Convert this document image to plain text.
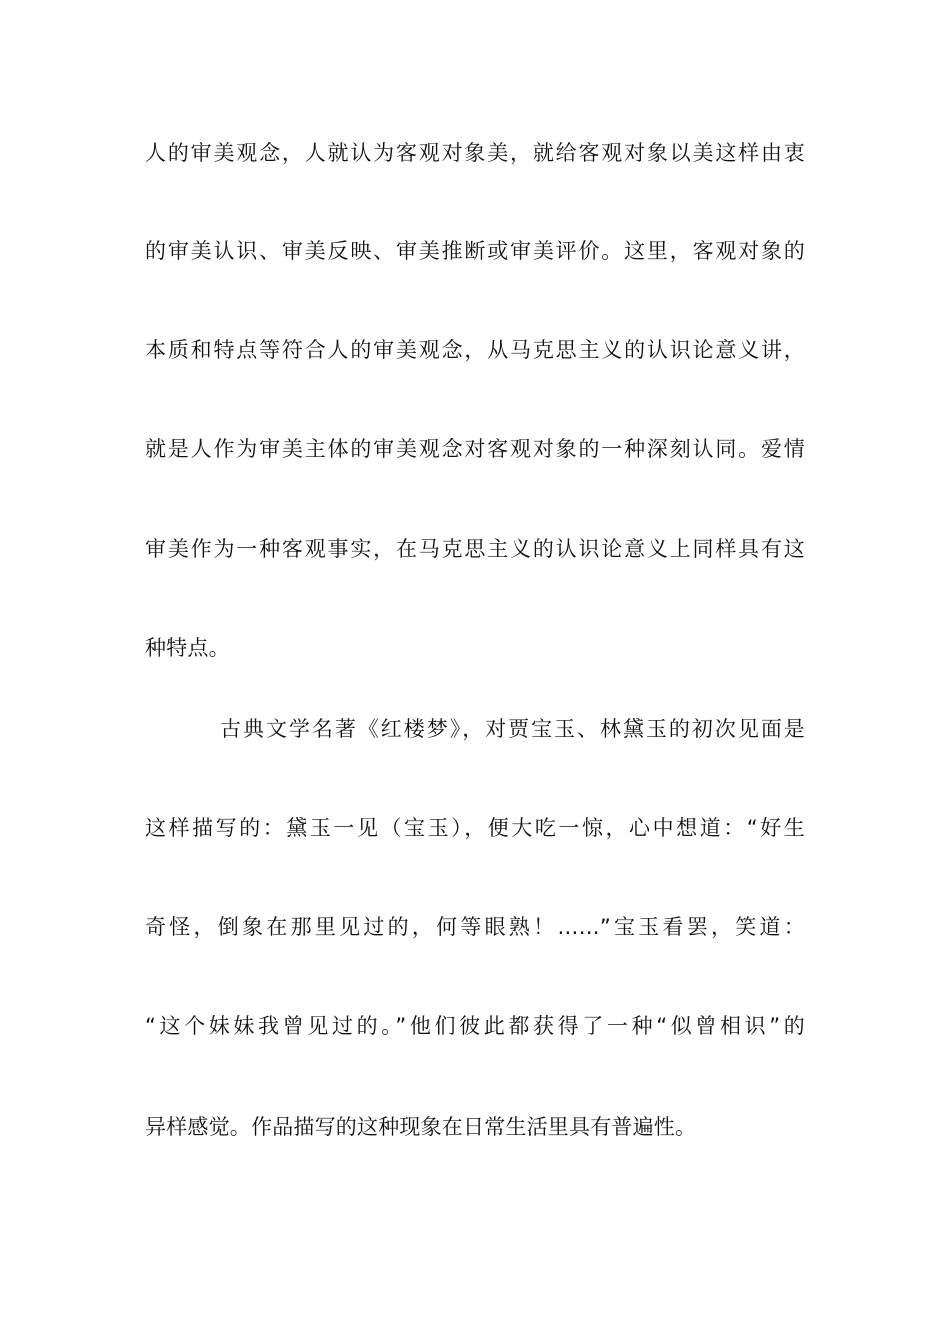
人的审美观念，人就认为客观对象美，就给客观对象以美这样由衷
的审美认识、审美反映、审美推断或审美评价。这里，客观对象的
本质和特点等符合人的审美观念，从马克思主义的认识论意义讲，
就是人作为审美主体的审美观念对客观对象的一种深刻认同。爱情
审美作为一种客观事实，在马克思主义的认识论意义上同样具有这
种特点。
古典文学名著《红楼梦》，对贾宝玉、林黛玉的初次见面是
这样描写的：黛玉一见（宝玉），便大吃一惊，心中想道：“好生
奇怪，倒象在那里见过的，何等眼熟！……”宝玉看罢，笑道：
“这个妹妹我曾见过的。”他们彼此都获得了一种“似曾相识”的
异样感觉。作品描写的这种现象在日常生活里具有普遍性。
